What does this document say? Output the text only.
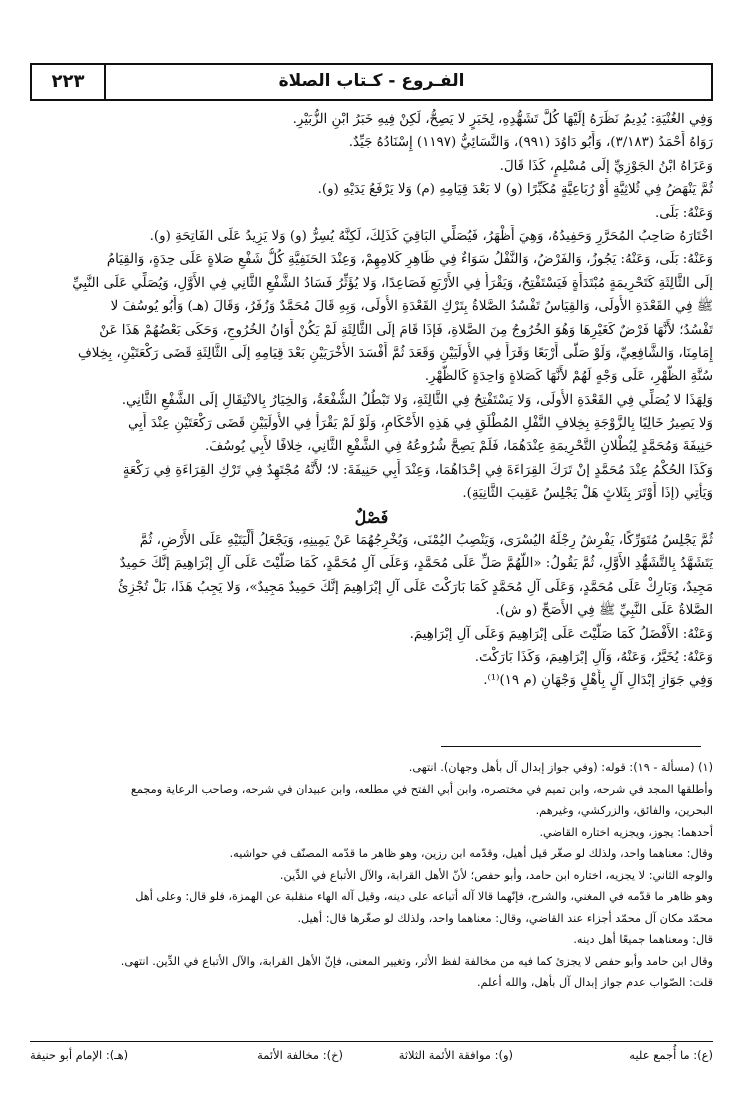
الفـروع - كـتاب الصلاة
٢٢٣
وَفِي الغُنْيَةِ: يُدِيمُ نَظَرَهُ إلَيْهَا كُلَّ تَشَهُّدِهِ، لِخَبَرٍ لا يَصِحُّ، لَكِنْ فِيهِ خَبَرُ ابْنِ الزُّبَيْرِ.
رَوَاهُ أَحْمَدُ (٣/١٨٣)، وَأَبُو دَاوُدَ (٩٩١)، وَالنَّسَائِيُّ (١١٩٧) إِسْنَادُهُ جَيِّدٌ.
وَعَزَاهُ ابْنُ الجَوْزِيِّ إلَى مُسْلِمٍ، كَذَا قَالَ.
ثُمَّ يَنْهَضُ فِي ثُلاثِيَّةٍ أَوْ رُبَاعِيَّةٍ مُكَبِّرًا (و) لا بَعْدَ قِيَامِهِ (م) وَلا يَرْفَعُ يَدَيْهِ (و).
وَعَنْهُ: بَلَى.
اخْتَارَهُ صَاحِبُ المُحَرَّرِ وَحَفِيدُهُ، وَهِيَ أَظْهَرُ، فَيُصَلِّي البَاقِيَ كَذَلِكَ، لَكِنَّهُ يُسِرُّ (و) وَلا يَزِيدُ عَلَى الفَاتِحَةِ (و).
وَعَنْهُ: بَلَى، وَعَنْهُ: يَجُوزُ، وَالفَرْضُ، وَالنَّفْلُ سَوَاءٌ فِي ظَاهِرِ كَلامِهِمْ، وَعِنْدَ الحَنَفِيَّةِ كُلُّ شَفْعِ صَلاةٍ عَلَى حِدَةٍ، وَالقِيَامُ
إلَى الثَّالِثَةِ كَتَحْرِيمَةٍ مُبْتَدَأَةٍ فَيَسْتَفْتِحُ، وَيَقْرَأُ فِي الأَرْبَعِ فَصَاعِدًا، وَلا يُؤَثِّرُ فَسَادُ الشَّفْعِ الثَّانِي فِي الأَوَّلِ، وَيُصَلِّي عَلَى النَّبِيِّ
ﷺ فِي القَعْدَةِ الأُولَى، وَالقِيَاسُ تَفْسُدُ الصَّلاةُ بِتَرْكِ القَعْدَةِ الأُولَى، وَبِهِ قَالَ مُحَمَّدٌ وَزُفَرُ، وَقَالَ (هـ) وَأَبُو يُوسُفَ لا
تَفْسُدُ؛ لأَنَّهَا فَرْضٌ كَغَيْرِهَا وَهُوَ الخُرُوجُ مِنَ الصَّلاةِ، فَإذَا قَامَ إلَى الثَّالِثَةِ لَمْ يَكُنْ أَوَانُ الخُرُوجِ، وَحَكَى بَعْضُهُمْ هَذَا عَنْ
إِمَامِنَا، وَالشَّافِعِيِّ، وَلَوْ صَلَّى أَرْبَعًا وَقَرَأَ فِي الأُولَيَيْنِ وَقَعَدَ ثُمَّ أَفْسَدَ الأُخْرَيَيْنِ بَعْدَ قِيَامِهِ إلَى الثَّالِثَةِ قَضَى رَكْعَتَيْنِ، بِخِلافِ
سُنَّةِ الظُّهْرِ، عَلَى وَجْهٍ لَهُمْ لأَنَّهَا كَصَلاةٍ وَاحِدَةٍ كَالظُّهْرِ.
وَلِهَذَا لا يُصَلِّي فِي القَعْدَةِ الأُولَى، وَلا يَسْتَفْتِحُ فِي الثَّالِثَةِ، وَلا تَبْطُلُ الشُّفْعَةُ، وَالخِيَارُ بِالانْتِقَالِ إلَى الشَّفْعِ الثَّانِي.
وَلا يَصِيرُ خَالِيًا بِالزَّوْجَةِ بِخِلافِ النَّفْلِ المُطْلَقِ فِي هَذِهِ الأَحْكَامِ، وَلَوْ لَمْ يَقْرَأْ فِي الأُولَيَيْنِ قَضَى رَكْعَتَيْنِ عِنْدَ أَبِي
حَنِيفَةَ وَمُحَمَّدٍ لِبُطْلانِ التَّحْرِيمَةِ عِنْدَهُمَا، فَلَمْ يَصِحَّ شُرُوعُهُ فِي الشَّفْعِ الثَّانِي، خِلافًا لأَبِي يُوسُفَ.
وَكَذَا الحُكْمُ عِنْدَ مُحَمَّدٍ إنْ تَرَكَ القِرَاءَةَ فِي إحْدَاهُمَا، وَعِنْدَ أَبِي حَنِيفَةَ: لا؛ لأَنَّهُ مُجْتَهِدٌ فِي تَرْكِ القِرَاءَةِ فِي رَكْعَةٍ
وَيَأْتِي (إذَا أَوْتَرَ بِثَلاثٍ هَلْ يَجْلِسُ عَقِيبَ الثَّانِيَةِ).
فَصْلٌ
ثُمَّ يَجْلِسُ مُتَوَرِّكًا، يَفْرِشُ رِجْلَهُ اليُسْرَى، وَيَنْصِبُ اليُمْنَى، وَيُخْرِجُهُمَا عَنْ يَمِينِهِ، وَيَجْعَلُ أَلْيَتَيْهِ عَلَى الأَرْضِ، ثُمَّ
يَتَشَهَّدُ بِالتَّشَهُّدِ الأَوَّلِ، ثُمَّ يَقُولُ: «اللَّهُمَّ صَلِّ عَلَى مُحَمَّدٍ، وَعَلَى آلِ مُحَمَّدٍ، كَمَا صَلَّيْتَ عَلَى آلِ إبْرَاهِيمَ إنَّكَ حَمِيدٌ
مَجِيدٌ، وَبَارِكْ عَلَى مُحَمَّدٍ، وَعَلَى آلِ مُحَمَّدٍ كَمَا بَارَكْتَ عَلَى آلِ إبْرَاهِيمَ إنَّكَ حَمِيدٌ مَجِيدٌ»، وَلا يَجِبُ هَذَا، بَلْ تُجْزِئُ
الصَّلاةُ عَلَى النَّبِيِّ ﷺ فِي الأَصَحِّ (و ش).
وَعَنْهُ: الأَفْضَلُ كَمَا صَلَّيْتَ عَلَى إبْرَاهِيمَ وَعَلَى آلِ إبْرَاهِيمَ.
وَعَنْهُ: يُخَيَّرُ، وَعَنْهُ، وَآلِ إبْرَاهِيمَ، وَكَذَا بَارَكْتَ.
وَفِي جَوَازِ إبْدَالِ آلٍ بِأَهْلٍ وَجْهَانِ (م ١٩)⁽¹⁾.
(١) (مسألة - ١٩): قوله: (وفي جواز إبدال آل بأهل وجهان). انتهى.
وأطلقها المجد في شرحه، وابن تميم في مختصره، وابن أبي الفتح في مطلعه، وابن عبيدان في شرحه، وصاحب الرعاية ومجمع
البحرين، والفائق، والزركشي، وغيرهم.
أحدهما: يجوز، ويجزيه اختاره القاضي.
وقال: معناهما واحد، ولذلك لو صغّر قيل أهيل، وقدّمه ابن رزين، وهو ظاهر ما قدّمه المصنّف في حواشيه.
والوجه الثاني: لا يجزيه، اختاره ابن حامد، وأبو حفص؛ لأنّ الأهل القرابة، والآل الأتباع في الدِّين.
وهو ظاهر ما قدّمه في المغني، والشرح، فإنّهما قالا آله أتباعه على دينه، وقيل آله الهاء منقلبة عن الهمزة، فلو قال: وعلى أهل
محمّد مكان آل محمّد أجزاء عند القاضي، وقال: معناهما واحد، ولذلك لو صغّرها قال: أهيل.
قال: ومعناهما جميعًا أهل دينه.
وقال ابن حامد وأبو حفص لا يجزئ كما فيه من مخالفة لفظ الأثر، وتغيير المعنى، فإنّ الأهل القرابة، والآل الأتباع في الدِّين. انتهى.
قلت: الصّواب عدم جواز إبدال آل بأهل، والله أعلم.
(ع): ما أُجمع عليه
(و): موافقة الأئمة الثلاثة
(خ): مخالفة الأئمة
(هـ): الإمام أبو حنيفة
